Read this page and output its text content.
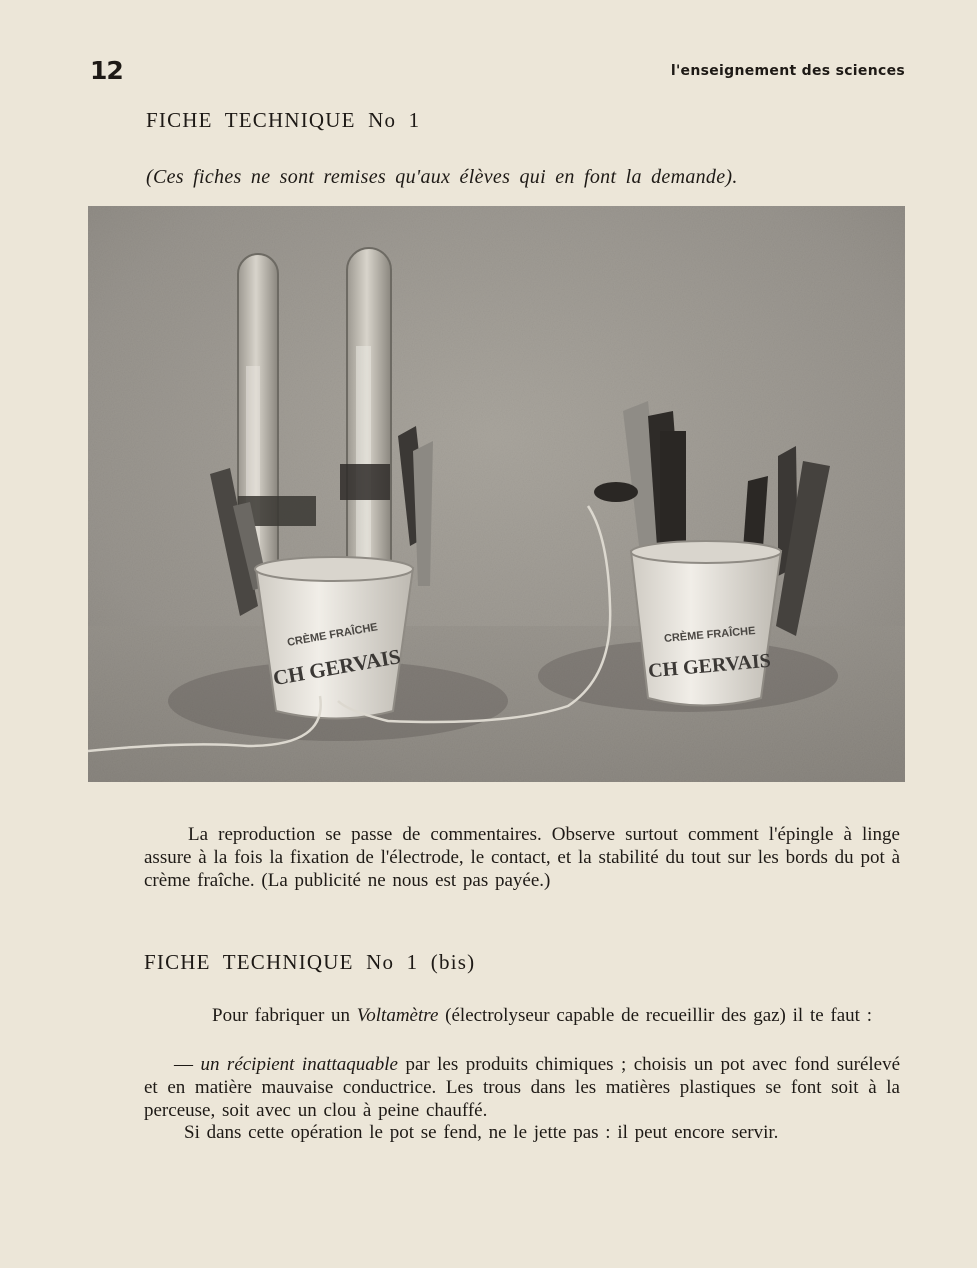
12	l'enseignement des sciences
FICHE TECHNIQUE No 1
(Ces fiches ne sont remises qu'aux élèves qui en font la demande).
CRÈME FRAÎCHE
CH GERVAIS
CRÈME FRAÎCHE
CH GERVAIS

La reproduction se passe de commentaires. Observe surtout comment l'épingle à linge assure à la fois la fixation de l'électrode, le contact, et la stabilité du tout sur les bords du pot à crème fraîche. (La publicité ne nous est pas payée.)

FICHE TECHNIQUE No 1 (bis)

Pour fabriquer un Voltamètre (électrolyseur capable de recueillir des gaz) il te faut :

— un récipient inattaquable par les produits chimiques ; choisis un pot avec fond surélevé et en matière mauvaise conductrice. Les trous dans les matières plastiques se font soit à la perceuse, soit avec un clou à peine chauffé.

Si dans cette opération le pot se fend, ne le jette pas : il peut encore servir.
